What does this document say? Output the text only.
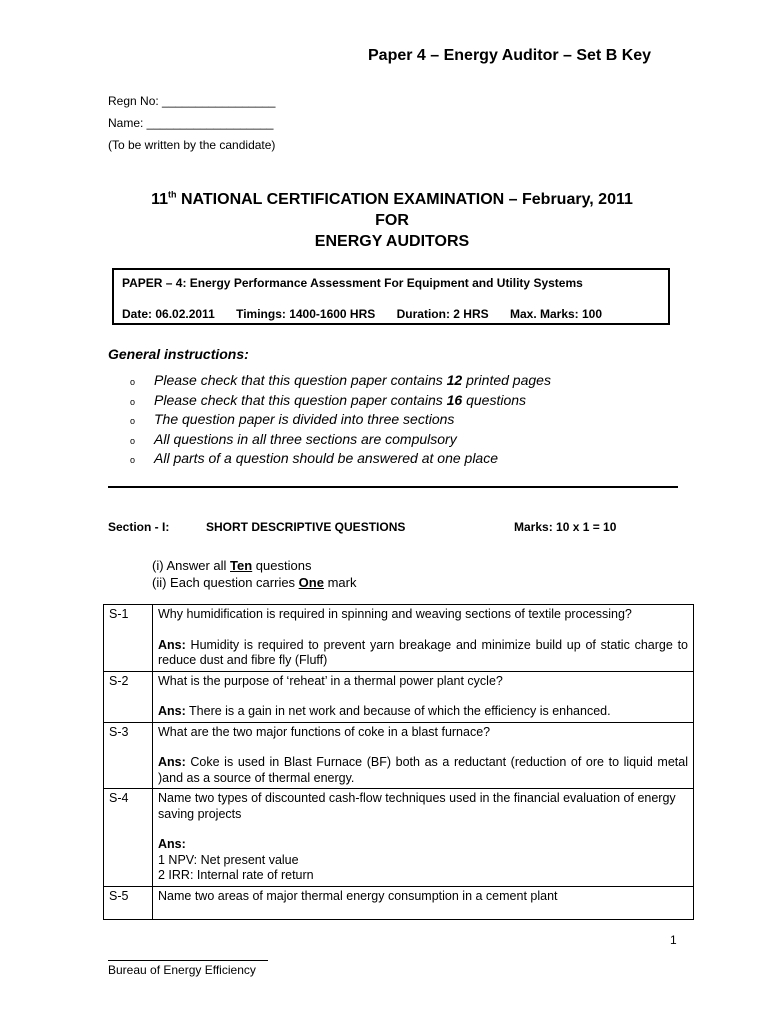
Paper 4 – Energy Auditor – Set B Key
Regn No: _________________
Name: ___________________
(To be written by the candidate)
11th NATIONAL CERTIFICATION EXAMINATION – February, 2011
FOR
ENERGY AUDITORS
PAPER – 4: Energy Performance Assessment For Equipment and Utility Systems
Date: 06.02.2011 Timings: 1400-1600 HRS Duration: 2 HRS Max. Marks: 100
General instructions:
o Please check that this question paper contains 12 printed pages
o Please check that this question paper contains 16 questions
o The question paper is divided into three sections
o All questions in all three sections are compulsory
o All parts of a question should be answered at one place
Section - I:	SHORT DESCRIPTIVE QUESTIONS	Marks: 10 x 1 = 10
(i) Answer all Ten questions
(ii) Each question carries One mark
S-1	Why humidification is required in spinning and weaving sections of textile processing?

Ans: Humidity is required to prevent yarn breakage and minimize build up of static charge to reduce dust and fibre fly (Fluff)

S-2	What is the purpose of ‘reheat’ in a thermal power plant cycle?

Ans: There is a gain in net work and because of which the efficiency is enhanced.

S-3	What are the two major functions of coke in a blast furnace?

Ans: Coke is used in Blast Furnace (BF) both as a reductant (reduction of ore to liquid metal )and as a source of thermal energy.

S-4	Name two types of discounted cash-flow techniques used in the financial evaluation of energy saving projects

Ans:

1 NPV: Net present value

2 IRR: Internal rate of return

S-5	Name two areas of major thermal energy consumption in a cement plant

1
Bureau of Energy Efficiency
